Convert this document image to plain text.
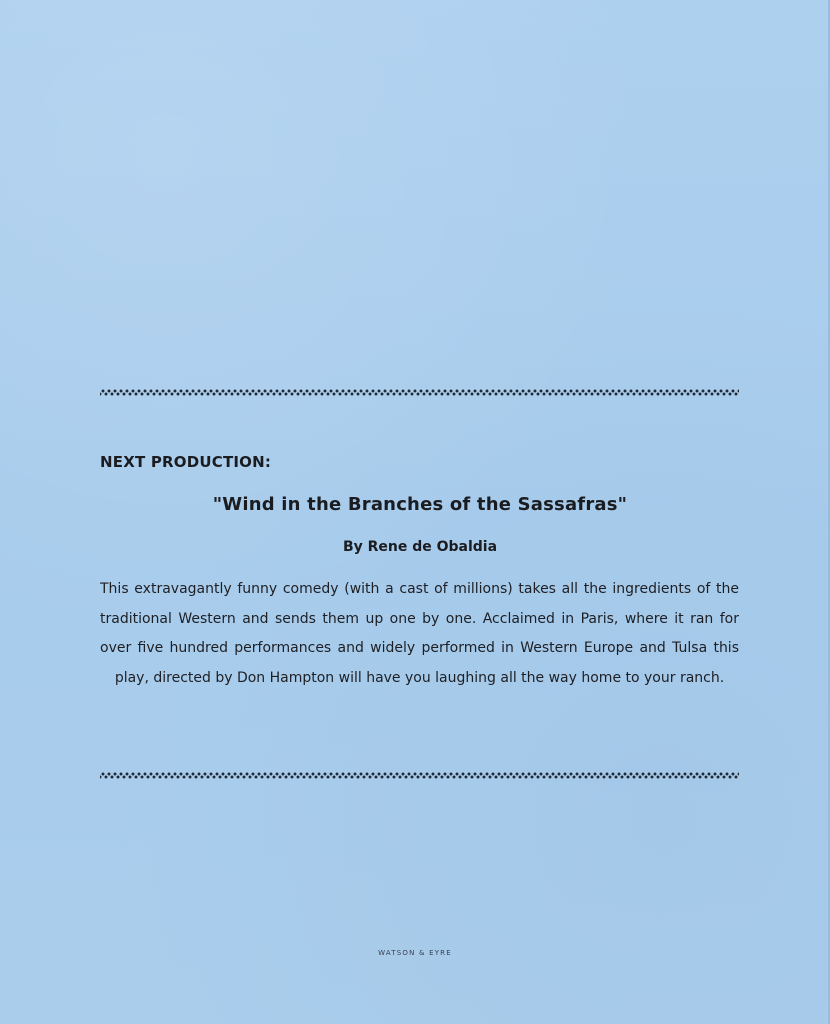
NEXT PRODUCTION:
"Wind in the Branches of the Sassafras"
By Rene de Obaldia

This extravagantly funny comedy (with a cast of millions) takes all the ingredients of the traditional Western and sends them up one by one. Acclaimed in Paris, where it ran for over five hundred performances and widely performed in Western Europe and Tulsa this play, directed by Don Hampton will have you laughing all the way home to your ranch.

WATSON & EYRE
